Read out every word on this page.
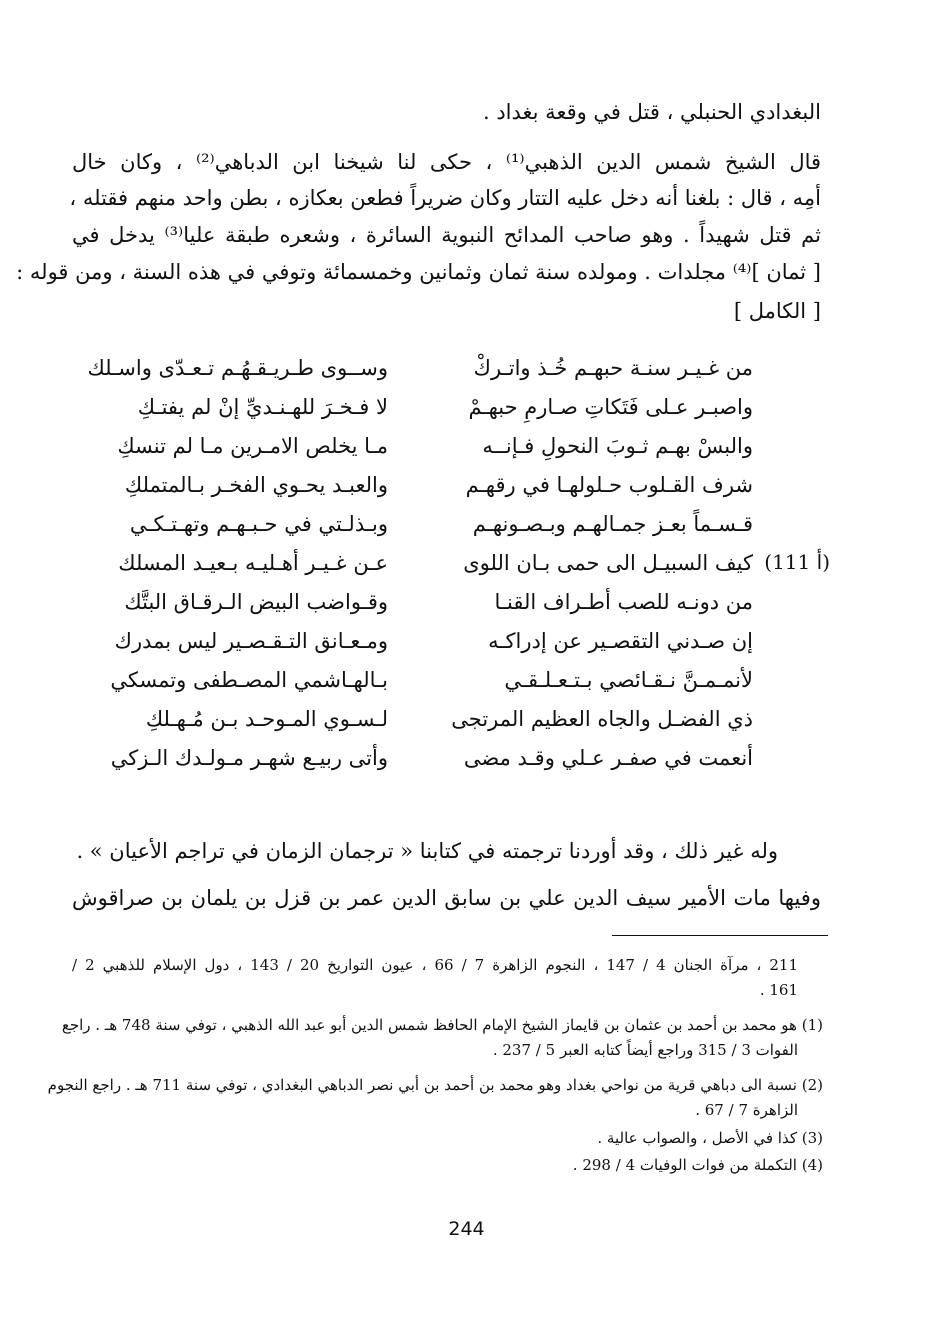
البغدادي الحنبلي ، قتل في وقعة بغداد .
قال الشيخ شمس الدين الذهبي⁽¹⁾ ، حكى لنا شيخنا ابن الدباهي⁽²⁾ ، وكان خال
أمِه ، قال : بلغنا أنه دخل عليه التتار وكان ضريراً فطعن بعكازه ، بطن واحد منهم فقتله ،
ثم قتل شهيداً . وهو صاحب المدائح النبوية السائرة ، وشعره طبقة عليا⁽³⁾ يدخل في
[ ثمان ]⁽⁴⁾ مجلدات . ومولده سنة ثمان وثمانين وخمسمائة وتوفي في هذه السنة ، ومن قوله :
[ الكامل ]
من غـيـر سنـة حبهـم خُـذ واتـركْ
واصبـر عـلى فَتَكاتِ صـارمِ حبهـمْ
والبسْ بهـم ثـوبَ النحولِ فـإنــه
شرف القـلوب حـلولهـا في رقهـم
قـسـماً بعـز جمـالهـم وبـصـونهـم
كيف السبيـل الى حمى بـان اللوى
من دونـه للصب أطـراف القنـا
إن صـدني التقصـير عن إدراكـه
لأنمـمـنَّ نـقـائصي بـتـعـلـقـي
ذي الفضـل والجاه العظيم المرتجى
أنعمت في صفـر عـلي وقـد مضى
وســوى طـريـقـهُـم تـعـدّى واسـلك
لا فـخـرَ للهـنـديِّ إنْ لم يفتـكِ
مـا يخلص الامـرين مـا لم تنسكِ
والعبـد يحـوي الفخـر بـالمتملكِ
وبـذلـتي في حـبـهـم وتهـتـكـي
عـن غـيـر أهـليـه بـعيـد المسلك
وقـواضب البيض الـرقـاق البتَّك
ومـعـانق التـقـصـير ليس بمدرك
بـالهـاشمي المصـطفى وتمسكي
لـسـوي المـوحـد بـن مُـهـلكِ
وأتى ربيـع شهـر مـولـدك الـزكي
(111 أ)
وله غير ذلك ، وقد أوردنا ترجمته في كتابنا « ترجمان الزمان في تراجم الأعيان » .
وفيها مات الأمير سيف الدين علي بن سابق الدين عمر بن قزل بن يلمان بن صراقوش
211 ، مرآة الجنان 4 / 147 ، النجوم الزاهرة 7 / 66 ، عيون التواريخ 20 / 143 ، دول الإسلام للذهبي 2 /
161 .
(1) هو محمد بن أحمد بن عثمان بن قايماز الشيخ الإمام الحافظ شمس الدين أبو عبد الله الذهبي ، توفي سنة 748 هـ . راجع
الفوات 3 / 315 وراجع أيضاً كتابه العبر 5 / 237 .
(2) نسبة الى دباهي قرية من نواحي بغداد وهو محمد بن أحمد بن أبي نصر الدباهي البغدادي ، توفي سنة 711 هـ . راجع النجوم
الزاهرة 7 / 67 .
(3) كذا في الأصل ، والصواب عالية .
(4) التكملة من فوات الوفيات 4 / 298 .
244
